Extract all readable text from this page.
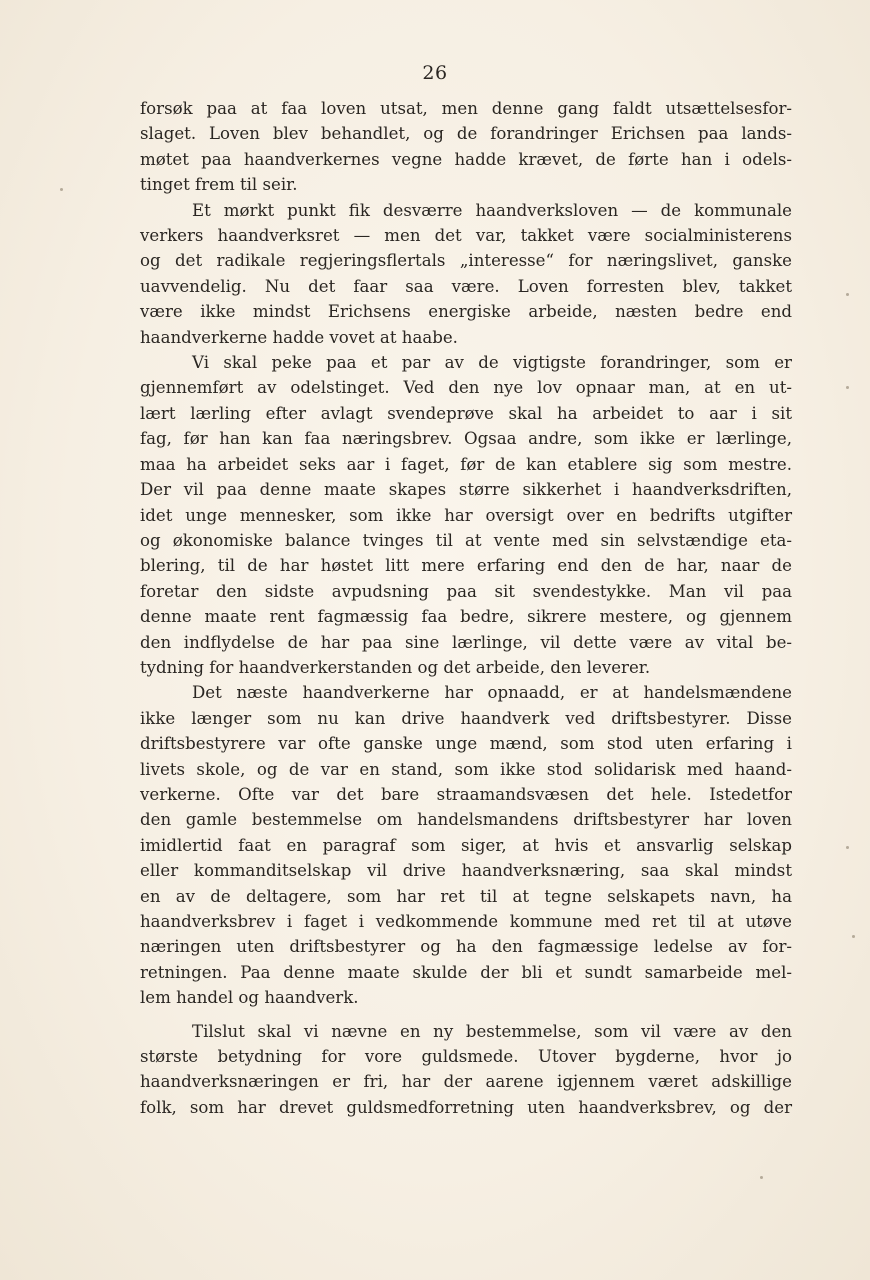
26
forsøk paa at faa loven utsat, men denne gang faldt utsættelsesfor-
slaget. Loven blev behandlet, og de forandringer Erichsen paa lands-
møtet paa haandverkernes vegne hadde krævet, de førte han i odels-
tinget frem til seir.
Et mørkt punkt fik desværre haandverksloven — de kommunale
verkers haandverksret — men det var, takket være socialministerens
og det radikale regjeringsflertals „interesse“ for næringslivet, ganske
uavvendelig. Nu det faar saa være. Loven forresten blev, takket
være ikke mindst Erichsens energiske arbeide, næsten bedre end
haandverkerne hadde vovet at haabe.
Vi skal peke paa et par av de vigtigste forandringer, som er
gjennemført av odelstinget. Ved den nye lov opnaar man, at en ut-
lært lærling efter avlagt svendeprøve skal ha arbeidet to aar i sit
fag, før han kan faa næringsbrev. Ogsaa andre, som ikke er lærlinge,
maa ha arbeidet seks aar i faget, før de kan etablere sig som mestre.
Der vil paa denne maate skapes større sikkerhet i haandverksdriften,
idet unge mennesker, som ikke har oversigt over en bedrifts utgifter
og økonomiske balance tvinges til at vente med sin selvstændige eta-
blering, til de har høstet litt mere erfaring end den de har, naar de
foretar den sidste avpudsning paa sit svendestykke. Man vil paa
denne maate rent fagmæssig faa bedre, sikrere mestere, og gjennem
den indflydelse de har paa sine lærlinge, vil dette være av vital be-
tydning for haandverkerstanden og det arbeide, den leverer.
Det næste haandverkerne har opnaadd, er at handelsmændene
ikke længer som nu kan drive haandverk ved driftsbestyrer. Disse
driftsbestyrere var ofte ganske unge mænd, som stod uten erfaring i
livets skole, og de var en stand, som ikke stod solidarisk med haand-
verkerne. Ofte var det bare straamandsvæsen det hele. Istedetfor
den gamle bestemmelse om handelsmandens driftsbestyrer har loven
imidlertid faat en paragraf som siger, at hvis et ansvarlig selskap
eller kommanditselskap vil drive haandverksnæring, saa skal mindst
en av de deltagere, som har ret til at tegne selskapets navn, ha
haandverksbrev i faget i vedkommende kommune med ret til at utøve
næringen uten driftsbestyrer og ha den fagmæssige ledelse av for-
retningen. Paa denne maate skulde der bli et sundt samarbeide mel-
lem handel og haandverk.
Tilslut skal vi nævne en ny bestemmelse, som vil være av den
største betydning for vore guldsmede. Utover bygderne, hvor jo
haandverksnæringen er fri, har der aarene igjennem været adskillige
folk, som har drevet guldsmedforretning uten haandverksbrev, og der
